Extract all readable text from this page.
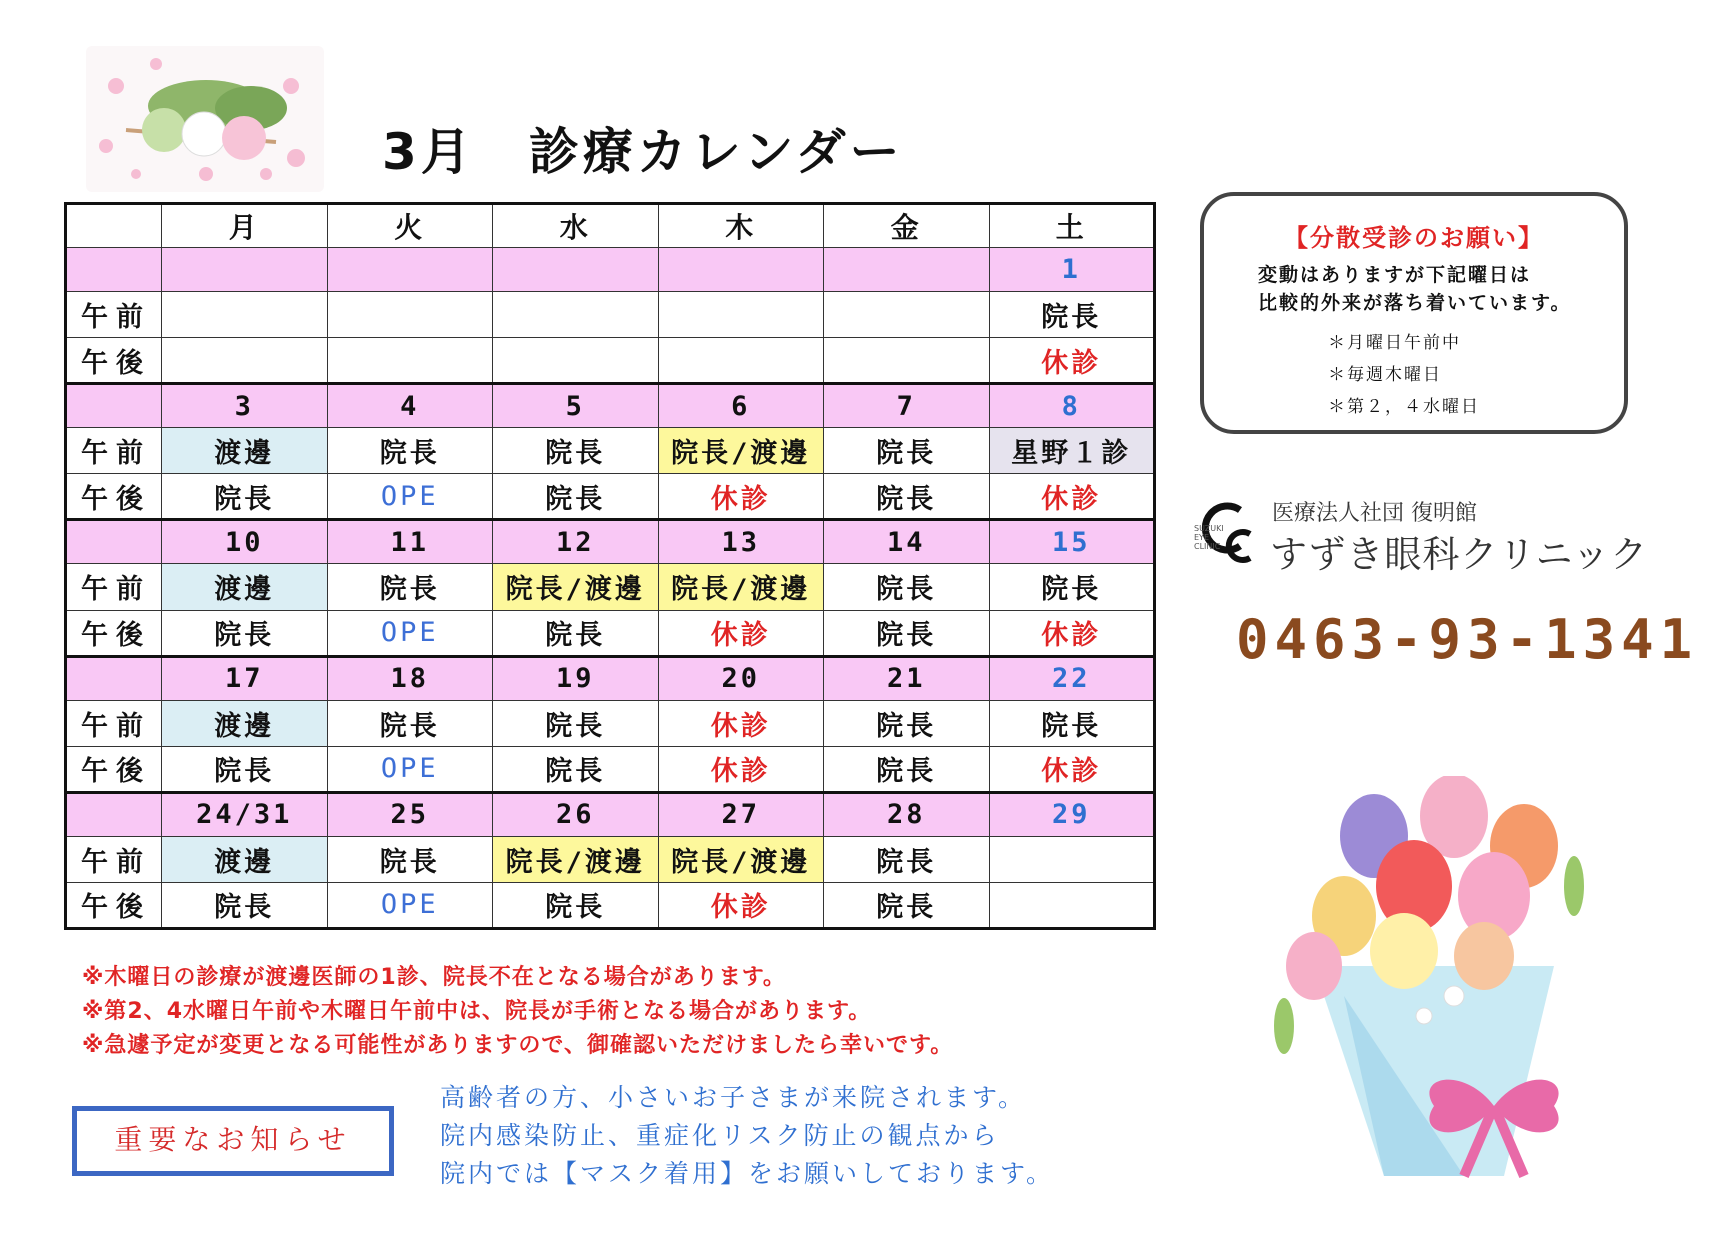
3月　診療カレンダー
	月	火	水	木	金	土
						1
午前						院長
午後						休診
	3	4	5	6	7	8
午前	渡邊	院長	院長	院長/渡邊	院長	星野１診
午後	院長	OPE	院長	休診	院長	休診
	10	11	12	13	14	15
午前	渡邊	院長	院長/渡邊	院長/渡邊	院長	院長
午後	院長	OPE	院長	休診	院長	休診
	17	18	19	20	21	22
午前	渡邊	院長	院長	休診	院長	院長
午後	院長	OPE	院長	休診	院長	休診
	24/31	25	26	27	28	29
午前	渡邊	院長	院長/渡邊	院長/渡邊	院長	
午後	院長	OPE	院長	休診	院長	
【分散受診のお願い】
変動はありますが下記曜日は
比較的外来が落ち着いています。
＊月曜日午前中
＊毎週木曜日
＊第２，４水曜日
SUZUKI EYE CLINIC
医療法人社団 復明館
すずき眼科クリニック
0463-93-1341
※木曜日の診療が渡邊医師の1診、院長不在となる場合があります。
※第2、4水曜日午前や木曜日午前中は、院長が手術となる場合があります。
※急遽予定が変更となる可能性がありますので、御確認いただけましたら幸いです。
重要なお知らせ
高齢者の方、小さいお子さまが来院されます。
院内感染防止、重症化リスク防止の観点から
院内では【マスク着用】をお願いしております。
